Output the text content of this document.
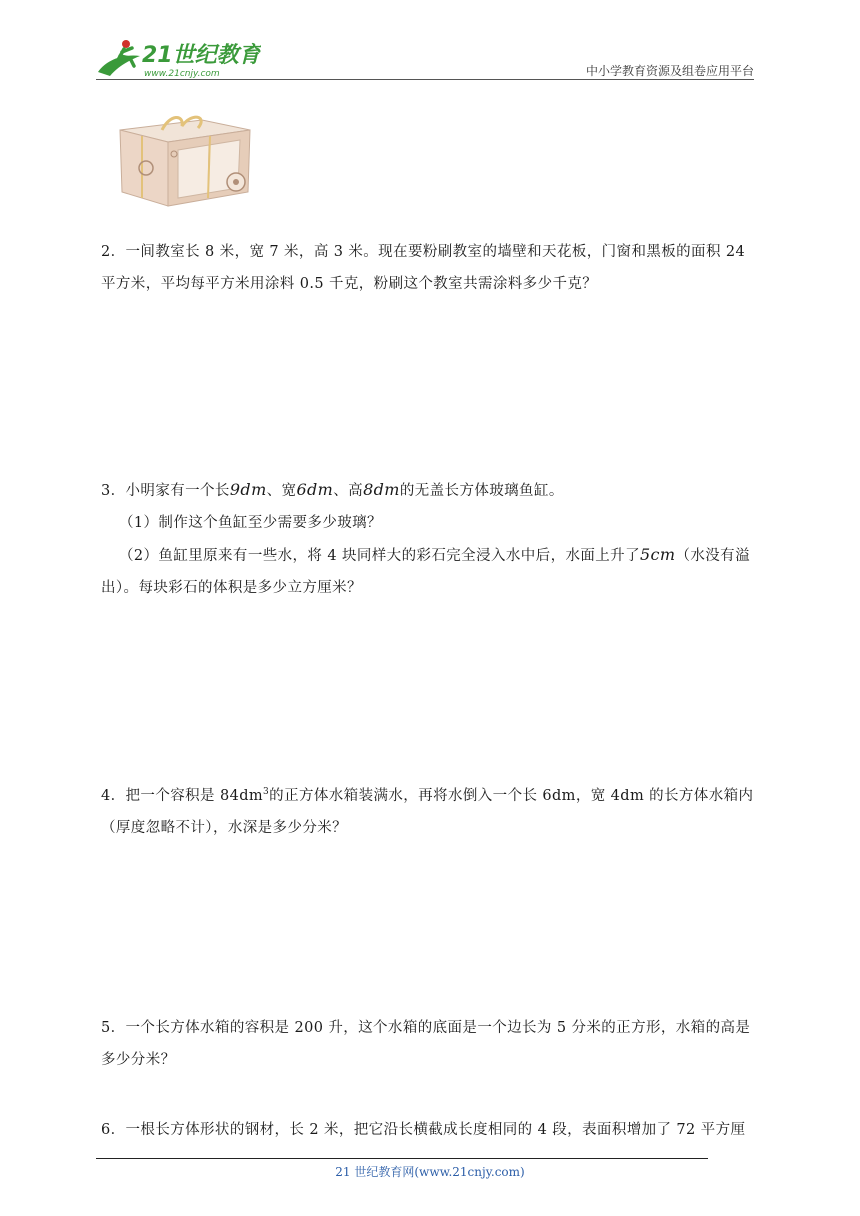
21世纪教育
www.21cnjy.com	中小学教育资源及组卷应用平台

2．一间教室长 8 米，宽 7 米，高 3 米。现在要粉刷教室的墙壁和天花板，门窗和黑板的面积 24 平方米，平均每平方米用涂料 0.5 千克，粉刷这个教室共需涂料多少千克？

3．小明家有一个长9dm、宽6dm、高8dm的无盖长方体玻璃鱼缸。

（1）制作这个鱼缸至少需要多少玻璃？

（2）鱼缸里原来有一些水，将 4 块同样大的彩石完全浸入水中后，水面上升了5cm（水没有溢出）。每块彩石的体积是多少立方厘米？

4．把一个容积是 $84dm^3$的正方体水箱装满水，再将水倒入一个长 6dm，宽 4dm 的长方体水箱内（厚度忽略不计），水深是多少分米？

5．一个长方体水箱的容积是 200 升，这个水箱的底面是一个边长为 5 分米的正方形，水箱的高是多少分米？

6．一根长方体形状的钢材，长 2 米，把它沿长横截成长度相同的 4 段，表面积增加了 72 平方厘

21 世纪教育网(www.21cnjy.com)
